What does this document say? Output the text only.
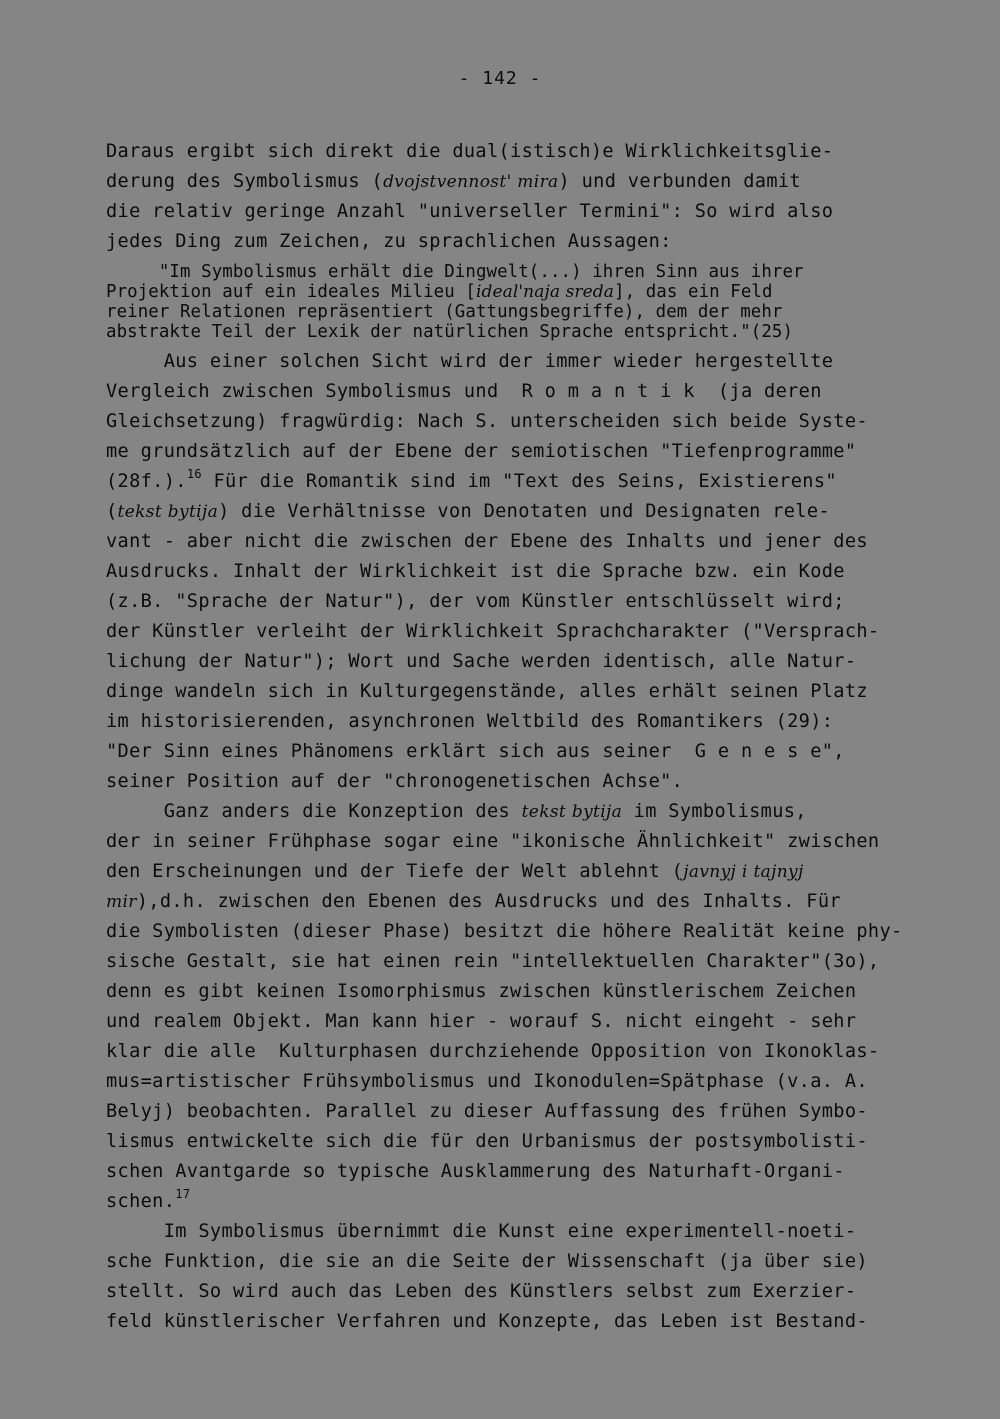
- 142 -
Daraus ergibt sich direkt die dual(istisch)e Wirklichkeitsglie-
derung des Symbolismus (dvojstvennost' mira) und verbunden damit
die relativ geringe Anzahl "universeller Termini": So wird also
jedes Ding zum Zeichen, zu sprachlichen Aussagen:
"Im Symbolismus erhält die Dingwelt(...) ihren Sinn aus ihrer
Projektion auf ein ideales Milieu [ideal'naja sreda], das ein Feld
reiner Relationen repräsentiert (Gattungsbegriffe), dem der mehr
abstrakte Teil der Lexik der natürlichen Sprache entspricht."(25)
Aus einer solchen Sicht wird der immer wieder hergestellte
Vergleich zwischen Symbolismus und  R o m a n t i k  (ja deren
Gleichsetzung) fragwürdig: Nach S. unterscheiden sich beide Syste-
me grundsätzlich auf der Ebene der semiotischen "Tiefenprogramme"
(28f.).$^{16}$ Für die Romantik sind im "Text des Seins, Existierens"
(tekst bytija) die Verhältnisse von Denotaten und Designaten rele-
vant - aber nicht die zwischen der Ebene des Inhalts und jener des
Ausdrucks. Inhalt der Wirklichkeit ist die Sprache bzw. ein Kode
(z.B. "Sprache der Natur"), der vom Künstler entschlüsselt wird;
der Künstler verleiht der Wirklichkeit Sprachcharakter ("Versprach-
lichung der Natur"); Wort und Sache werden identisch, alle Natur-
dinge wandeln sich in Kulturgegenstände, alles erhält seinen Platz
im historisierenden, asynchronen Weltbild des Romantikers (29):
"Der Sinn eines Phänomens erklärt sich aus seiner  G e n e s e",
seiner Position auf der "chronogenetischen Achse".
Ganz anders die Konzeption des tekst bytija im Symbolismus,
der in seiner Frühphase sogar eine "ikonische Ähnlichkeit" zwischen
den Erscheinungen und der Tiefe der Welt ablehnt (javnyj i tajnyj
mir),d.h. zwischen den Ebenen des Ausdrucks und des Inhalts. Für
die Symbolisten (dieser Phase) besitzt die höhere Realität keine phy-
sische Gestalt, sie hat einen rein "intellektuellen Charakter"(3o),
denn es gibt keinen Isomorphismus zwischen künstlerischem Zeichen
und realem Objekt. Man kann hier - worauf S. nicht eingeht - sehr
klar die alle  Kulturphasen durchziehende Opposition von Ikonoklas-
mus=artistischer Frühsymbolismus und Ikonodulen=Spätphase (v.a. A.
Belyj) beobachten. Parallel zu dieser Auffassung des frühen Symbo-
lismus entwickelte sich die für den Urbanismus der postsymbolisti-
schen Avantgarde so typische Ausklammerung des Naturhaft-Organi-
schen.$^{17}$
Im Symbolismus übernimmt die Kunst eine experimentell-noeti-
sche Funktion, die sie an die Seite der Wissenschaft (ja über sie)
stellt. So wird auch das Leben des Künstlers selbst zum Exerzier-
feld künstlerischer Verfahren und Konzepte, das Leben ist Bestand-
